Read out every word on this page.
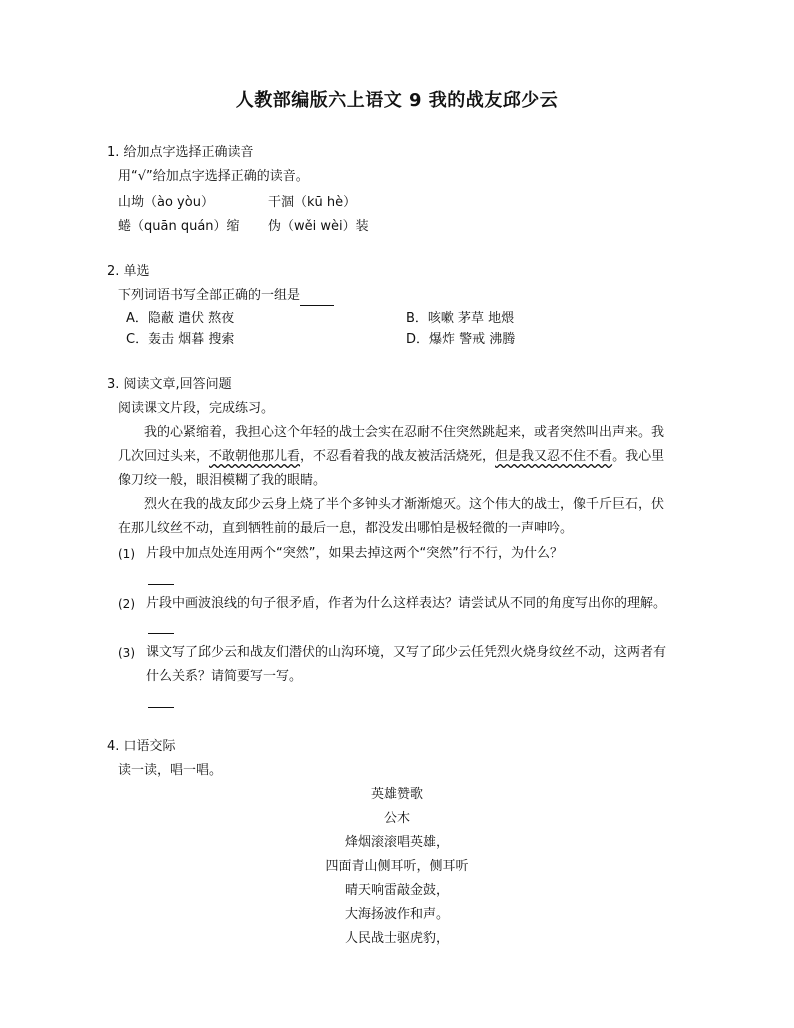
人教部编版六上语文 9 我的战友邱少云
1. 给加点字选择正确读音
用“√”给加点字选择正确的读音。
山坳（ào yòu）	干涸（kū hè）
蜷（quān quán）缩 伪（wěi wèi）装
2. 单选
下列词语书写全部正确的一组是
A．隐蔽 遣伏 熬夜	B．咳嗽 茅草 地煨
C．轰击 烟暮 搜索	D．爆炸 警戒 沸腾
3. 阅读文章,回答问题
阅读课文片段，完成练习。
我的心紧缩着，我担心这个年轻的战士会实在忍耐不住突然跳起来，或者突然叫出声来。我
几次回过头来，不敢朝他那儿看，不忍看着我的战友被活活烧死，但是我又忍不住不看。我心里
像刀绞一般，眼泪模糊了我的眼睛。
烈火在我的战友邱少云身上烧了半个多钟头才渐渐熄灭。这个伟大的战士，像千斤巨石，伏
在那儿纹丝不动，直到牺牲前的最后一息，都没发出哪怕是极轻微的一声呻吟。
(1) 片段中加点处连用两个“突然”，如果去掉这两个“突然”行不行，为什么？
(2) 片段中画波浪线的句子很矛盾，作者为什么这样表达？请尝试从不同的角度写出你的理解。
(3) 课文写了邱少云和战友们潜伏的山沟环境，又写了邱少云任凭烈火烧身纹丝不动，这两者有
什么关系？请简要写一写。
4. 口语交际
读一读，唱一唱。
英雄赞歌
公木
烽烟滚滚唱英雄，
四面青山侧耳听，侧耳听
晴天响雷敲金鼓，
大海扬波作和声。
人民战士驱虎豹，
